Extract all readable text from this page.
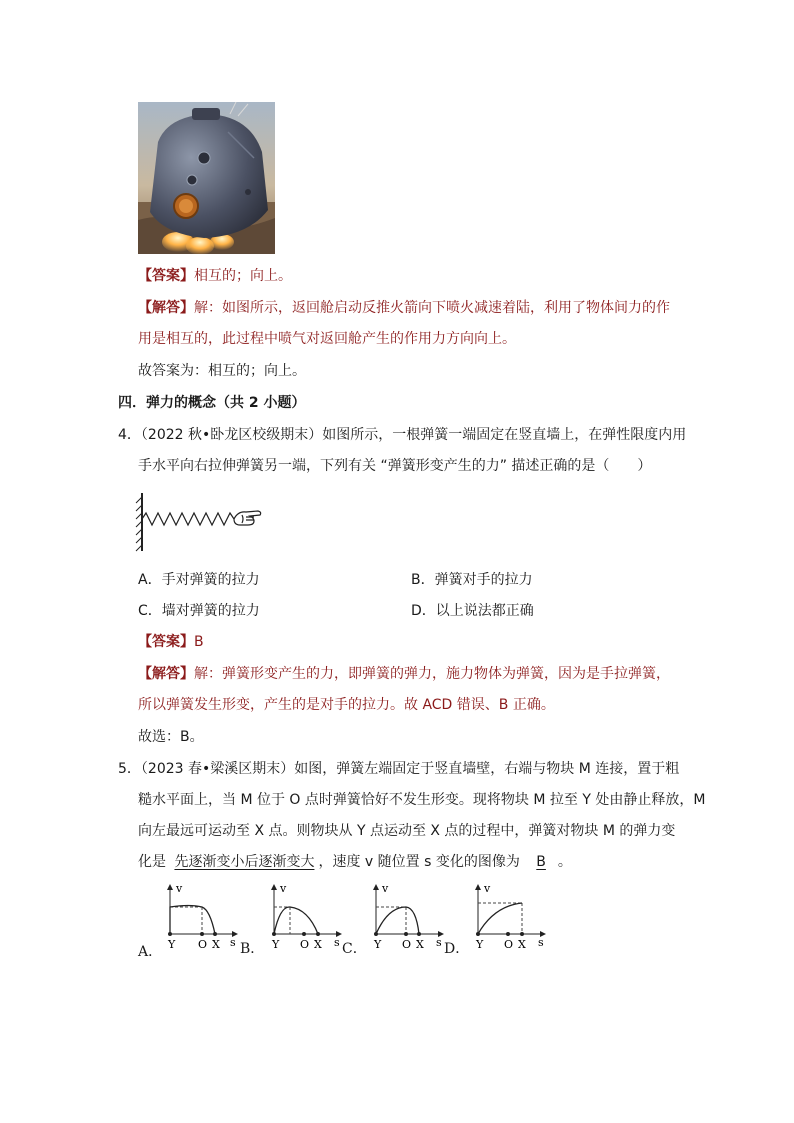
【答案】相互的；向上。
【解答】解：如图所示，返回舱启动反推火箭向下喷火减速着陆，利用了物体间力的作
用是相互的，此过程中喷气对返回舱产生的作用力方向向上。
故答案为：相互的；向上。
四．弹力的概念（共 2 小题）
4．（2022 秋•卧龙区校级期末）如图所示，一根弹簧一端固定在竖直墙上，在弹性限度内用
手水平向右拉伸弹簧另一端，下列有关 “弹簧形变产生的力” 描述正确的是（　　）
A．手对弹簧的拉力	B．弹簧对手的拉力
C．墙对弹簧的拉力	D．以上说法都正确
【答案】B
【解答】解：弹簧形变产生的力，即弹簧的弹力，施力物体为弹簧，因为是手拉弹簧，
所以弹簧发生形变，产生的是对手的拉力。故 ACD 错误、B 正确。
故选：B。
5．（2023 春•梁溪区期末）如图，弹簧左端固定于竖直墙壁，右端与物块 M 连接，置于粗
糙水平面上，当 M 位于 O 点时弹簧恰好不发生形变。现将物块 M 拉至 Y 处由静止释放，M
向左最远可运动至 X 点。则物块从 Y 点运动至 X 点的过程中，弹簧对物块 M 的弹力变
化是 先逐渐变小后逐渐变大 ，速度 v 随位置 s 变化的图像为 B 。
A．
v
Y O X s B．
v
Y O X s C．
v
Y O X s D．
v
Y O X s
